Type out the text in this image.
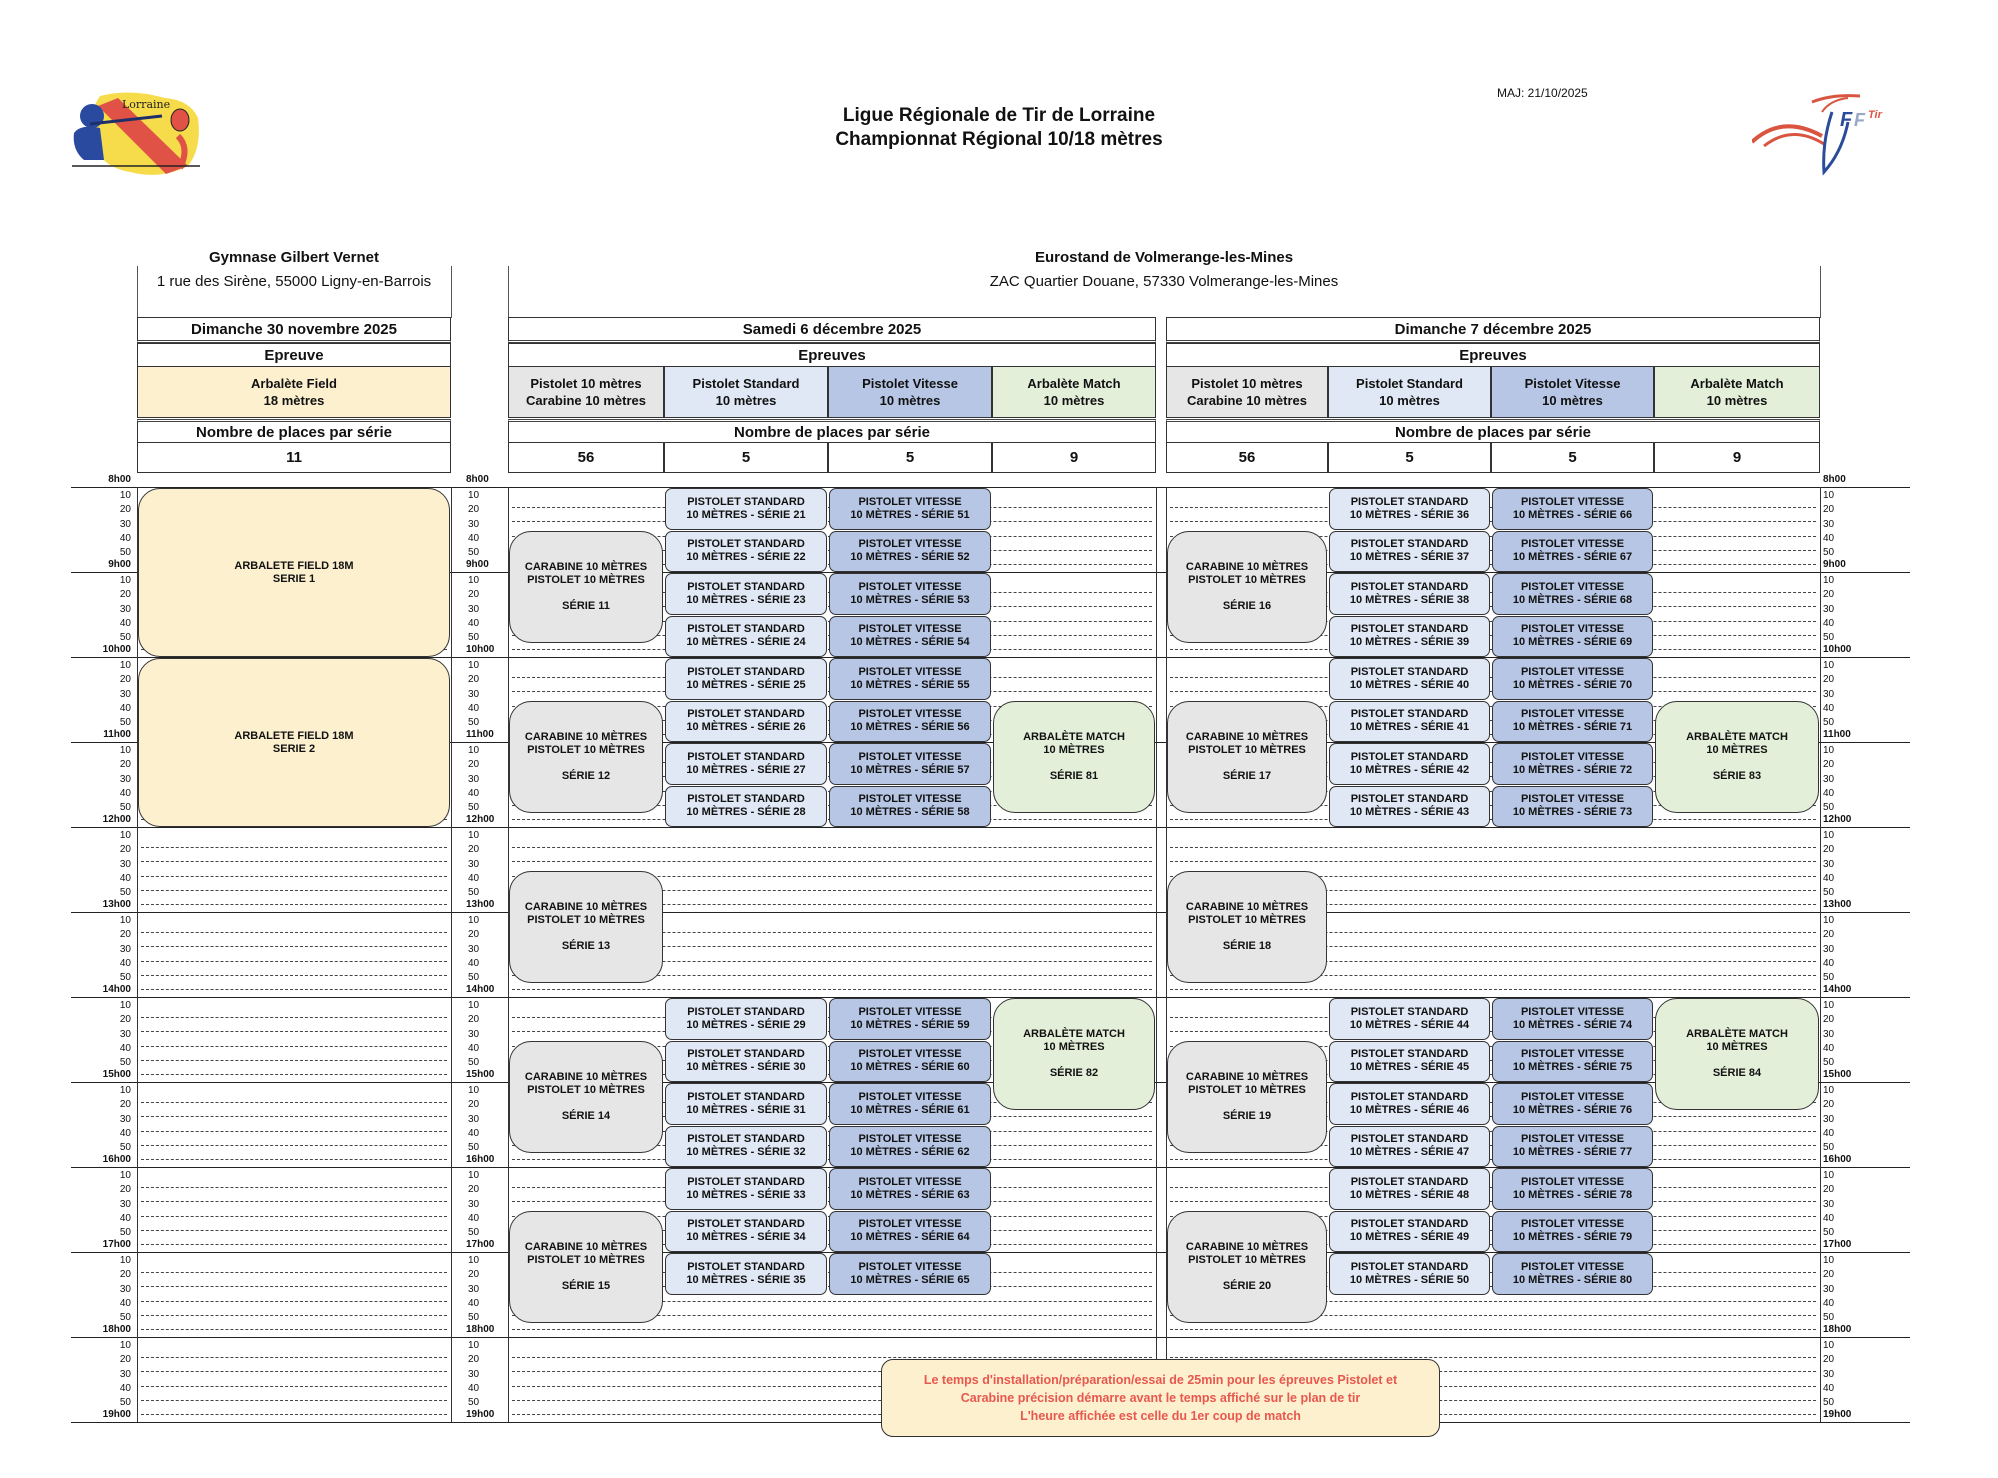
Lorraine
Ligue Régionale de Tir de Lorraine
Championnat Régional 10/18 mètres
MAJ: 21/10/2025
F F Tir
Gymnase Gilbert Vernet
1 rue des Sirène, 55000 Ligny-en-Barrois
Eurostand de Volmerange-les-Mines
ZAC Quartier Douane, 57330 Volmerange-les-Mines
Dimanche 30 novembre 2025
Epreuve
Nombre de places par série
Arbalète Field
18 mètres
11
Samedi 6 décembre 2025
Epreuves
Nombre de places par série
Pistolet 10 mètres
Carabine 10 mètres
56
Pistolet Standard
10 mètres
5
Pistolet Vitesse
10 mètres
5
Arbalète Match
10 mètres
9
Dimanche 7 décembre 2025
Epreuves
Nombre de places par série
Pistolet 10 mètres
Carabine 10 mètres
56
Pistolet Standard
10 mètres
5
Pistolet Vitesse
10 mètres
5
Arbalète Match
10 mètres
9
8h00
10
20
30
40
50
9h00
10
20
30
40
50
10h00
10
20
30
40
50
11h00
10
20
30
40
50
12h00
10
20
30
40
50
13h00
10
20
30
40
50
14h00
10
20
30
40
50
15h00
10
20
30
40
50
16h00
10
20
30
40
50
17h00
10
20
30
40
50
18h00
10
20
30
40
50
19h00
8h00
10
20
30
40
50
9h00
10
20
30
40
50
10h00
10
20
30
40
50
11h00
10
20
30
40
50
12h00
10
20
30
40
50
13h00
10
20
30
40
50
14h00
10
20
30
40
50
15h00
10
20
30
40
50
16h00
10
20
30
40
50
17h00
10
20
30
40
50
18h00
10
20
30
40
50
19h00
8h00
10
20
30
40
50
9h00
10
20
30
40
50
10h00
10
20
30
40
50
11h00
10
20
30
40
50
12h00
10
20
30
40
50
13h00
10
20
30
40
50
14h00
10
20
30
40
50
15h00
10
20
30
40
50
16h00
10
20
30
40
50
17h00
10
20
30
40
50
18h00
10
20
30
40
50
19h00
ARBALETE FIELD 18M
SERIE 1
ARBALETE FIELD 18M
SERIE 2
CARABINE 10 MÈTRES
PISTOLET 10 MÈTRES
SÉRIE 11
CARABINE 10 MÈTRES
PISTOLET 10 MÈTRES
SÉRIE 12
CARABINE 10 MÈTRES
PISTOLET 10 MÈTRES
SÉRIE 13
CARABINE 10 MÈTRES
PISTOLET 10 MÈTRES
SÉRIE 14
CARABINE 10 MÈTRES
PISTOLET 10 MÈTRES
SÉRIE 15
PISTOLET STANDARD
10 MÈTRES - SÉRIE 21
PISTOLET STANDARD
10 MÈTRES - SÉRIE 22
PISTOLET STANDARD
10 MÈTRES - SÉRIE 23
PISTOLET STANDARD
10 MÈTRES - SÉRIE 24
PISTOLET STANDARD
10 MÈTRES - SÉRIE 25
PISTOLET STANDARD
10 MÈTRES - SÉRIE 26
PISTOLET STANDARD
10 MÈTRES - SÉRIE 27
PISTOLET STANDARD
10 MÈTRES - SÉRIE 28
PISTOLET STANDARD
10 MÈTRES - SÉRIE 29
PISTOLET STANDARD
10 MÈTRES - SÉRIE 30
PISTOLET STANDARD
10 MÈTRES - SÉRIE 31
PISTOLET STANDARD
10 MÈTRES - SÉRIE 32
PISTOLET STANDARD
10 MÈTRES - SÉRIE 33
PISTOLET STANDARD
10 MÈTRES - SÉRIE 34
PISTOLET STANDARD
10 MÈTRES - SÉRIE 35
PISTOLET VITESSE
10 MÈTRES - SÉRIE 51
PISTOLET VITESSE
10 MÈTRES - SÉRIE 52
PISTOLET VITESSE
10 MÈTRES - SÉRIE 53
PISTOLET VITESSE
10 MÈTRES - SÉRIE 54
PISTOLET VITESSE
10 MÈTRES - SÉRIE 55
PISTOLET VITESSE
10 MÈTRES - SÉRIE 56
PISTOLET VITESSE
10 MÈTRES - SÉRIE 57
PISTOLET VITESSE
10 MÈTRES - SÉRIE 58
PISTOLET VITESSE
10 MÈTRES - SÉRIE 59
PISTOLET VITESSE
10 MÈTRES - SÉRIE 60
PISTOLET VITESSE
10 MÈTRES - SÉRIE 61
PISTOLET VITESSE
10 MÈTRES - SÉRIE 62
PISTOLET VITESSE
10 MÈTRES - SÉRIE 63
PISTOLET VITESSE
10 MÈTRES - SÉRIE 64
PISTOLET VITESSE
10 MÈTRES - SÉRIE 65
ARBALÈTE MATCH
10 MÈTRES
SÉRIE 81
ARBALÈTE MATCH
10 MÈTRES
SÉRIE 82
CARABINE 10 MÈTRES
PISTOLET 10 MÈTRES
SÉRIE 16
CARABINE 10 MÈTRES
PISTOLET 10 MÈTRES
SÉRIE 17
CARABINE 10 MÈTRES
PISTOLET 10 MÈTRES
SÉRIE 18
CARABINE 10 MÈTRES
PISTOLET 10 MÈTRES
SÉRIE 19
CARABINE 10 MÈTRES
PISTOLET 10 MÈTRES
SÉRIE 20
PISTOLET STANDARD
10 MÈTRES - SÉRIE 36
PISTOLET STANDARD
10 MÈTRES - SÉRIE 37
PISTOLET STANDARD
10 MÈTRES - SÉRIE 38
PISTOLET STANDARD
10 MÈTRES - SÉRIE 39
PISTOLET STANDARD
10 MÈTRES - SÉRIE 40
PISTOLET STANDARD
10 MÈTRES - SÉRIE 41
PISTOLET STANDARD
10 MÈTRES - SÉRIE 42
PISTOLET STANDARD
10 MÈTRES - SÉRIE 43
PISTOLET STANDARD
10 MÈTRES - SÉRIE 44
PISTOLET STANDARD
10 MÈTRES - SÉRIE 45
PISTOLET STANDARD
10 MÈTRES - SÉRIE 46
PISTOLET STANDARD
10 MÈTRES - SÉRIE 47
PISTOLET STANDARD
10 MÈTRES - SÉRIE 48
PISTOLET STANDARD
10 MÈTRES - SÉRIE 49
PISTOLET STANDARD
10 MÈTRES - SÉRIE 50
PISTOLET VITESSE
10 MÈTRES - SÉRIE 66
PISTOLET VITESSE
10 MÈTRES - SÉRIE 67
PISTOLET VITESSE
10 MÈTRES - SÉRIE 68
PISTOLET VITESSE
10 MÈTRES - SÉRIE 69
PISTOLET VITESSE
10 MÈTRES - SÉRIE 70
PISTOLET VITESSE
10 MÈTRES - SÉRIE 71
PISTOLET VITESSE
10 MÈTRES - SÉRIE 72
PISTOLET VITESSE
10 MÈTRES - SÉRIE 73
PISTOLET VITESSE
10 MÈTRES - SÉRIE 74
PISTOLET VITESSE
10 MÈTRES - SÉRIE 75
PISTOLET VITESSE
10 MÈTRES - SÉRIE 76
PISTOLET VITESSE
10 MÈTRES - SÉRIE 77
PISTOLET VITESSE
10 MÈTRES - SÉRIE 78
PISTOLET VITESSE
10 MÈTRES - SÉRIE 79
PISTOLET VITESSE
10 MÈTRES - SÉRIE 80
ARBALÈTE MATCH
10 MÈTRES
SÉRIE 83
ARBALÈTE MATCH
10 MÈTRES
SÉRIE 84
Le temps d'installation/préparation/essai de 25min pour les épreuves Pistolet et
Carabine précision démarre avant le temps affiché sur le plan de tir
L'heure affichée est celle du 1er coup de match
